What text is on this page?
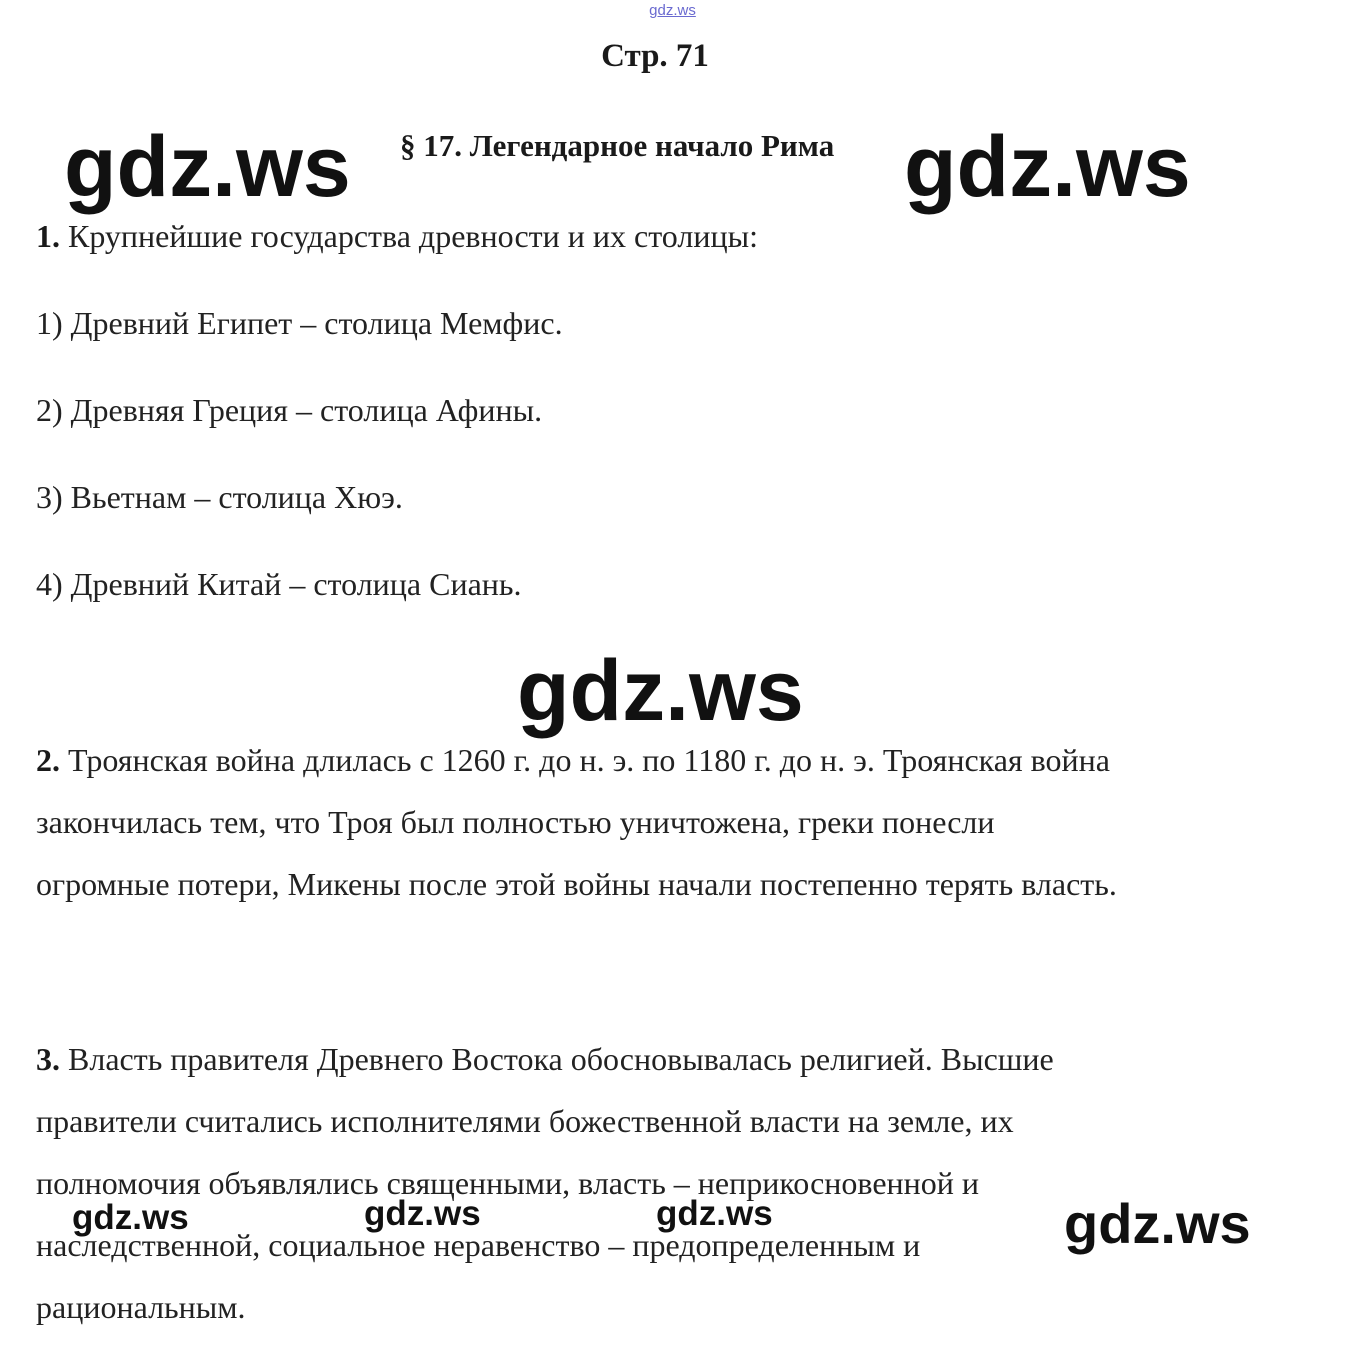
gdz.ws
Стр. 71
§ 17. Легендарное начало Рима
gdz.ws	gdz.ws
1. Крупнейшие государства древности и их столицы:
1) Древний Египет – столица Мемфис.
2) Древняя Греция – столица Афины.
3) Вьетнам – столица Хюэ.
4) Древний Китай – столица Сиань.
gdz.ws
2. Троянская война длилась с 1260 г. до н. э. по 1180 г. до н. э. Троянская война
закончилась тем, что Троя был полностью уничтожена, греки понесли
огромные потери, Микены после этой войны начали постепенно терять власть.
3. Власть правителя Древнего Востока обосновывалась религией. Высшие
правители считались исполнителями божественной власти на земле, их
полномочия объявлялись священными, власть – неприкосновенной и
наследственной, социальное неравенство – предопределенным и
рациональным.
gdz.ws	gdz.ws	gdz.ws	gdz.ws
